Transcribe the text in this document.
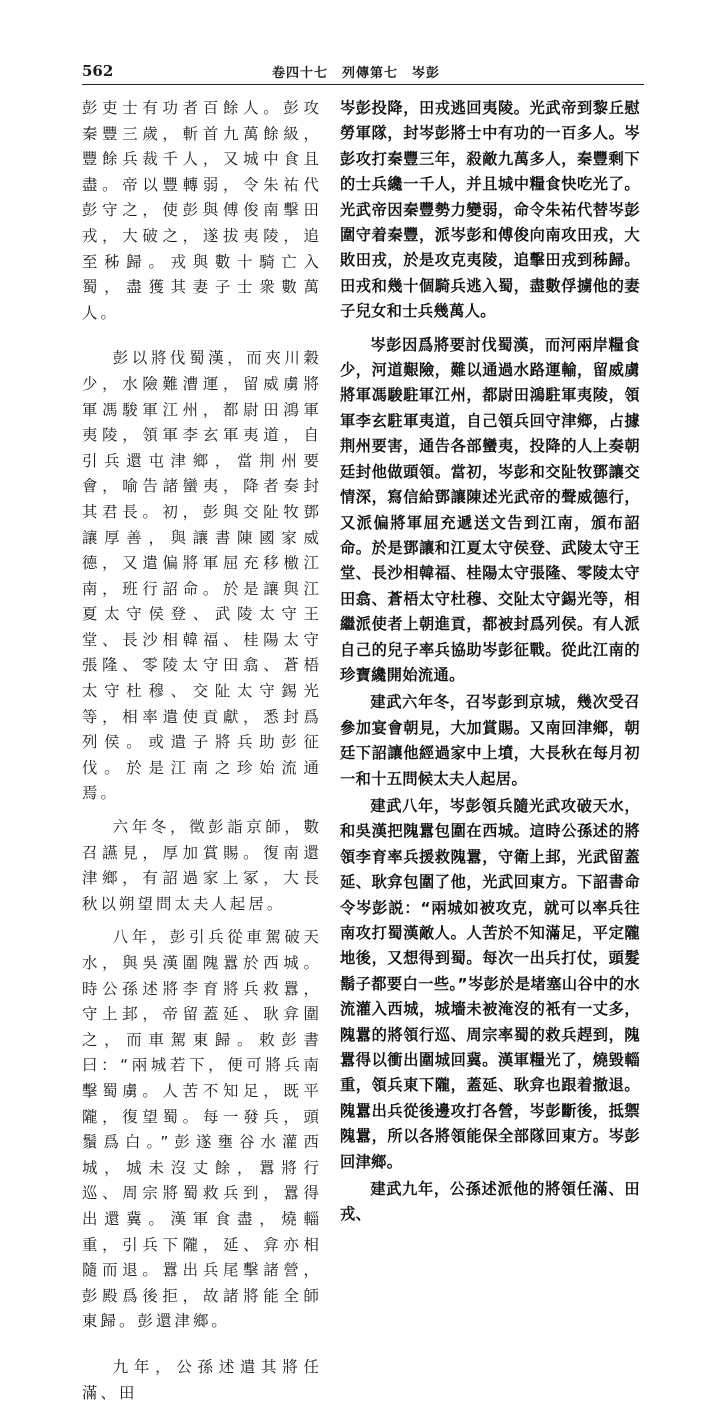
562	卷四十七　列傳第七　岑彭

彭吏士有功者百餘人。彭攻秦豐三歲，斬首九萬餘級，豐餘兵裁千人，又城中食且盡。帝以豐轉弱，令朱祐代彭守之，使彭與傅俊南擊田戎，大破之，遂拔夷陵，追至秭歸。戎與數十騎亡入蜀，盡獲其妻子士衆數萬人。

彭以將伐蜀漢，而夾川穀少，水險難漕運，留威虜將軍馮駿軍江州，都尉田鴻軍夷陵，領軍李玄軍夷道，自引兵還屯津鄉，當荆州要會，喻告諸蠻夷，降者奏封其君長。初，彭與交阯牧鄧讓厚善，與讓書陳國家威德，又遣偏將軍屈充移檄江南，班行詔命。於是讓與江夏太守侯登、武陵太守王堂、長沙相韓福、桂陽太守張隆、零陵太守田翕、蒼梧太守杜穆、交阯太守錫光等，相率遣使貢獻，悉封爲列侯。或遣子將兵助彭征伐。於是江南之珍始流通焉。

六年冬，徵彭詣京師，數召讌見，厚加賞賜。復南還津鄉，有詔過家上冢，大長秋以朔望問太夫人起居。

八年，彭引兵從車駕破天水，與吳漢圍隗囂於西城。時公孫述將李育將兵救囂，守上邽，帝留蓋延、耿弇圍之，而車駕東歸。敕彭書曰：“兩城若下，便可將兵南擊蜀虜。人苦不知足，既平隴，復望蜀。每一發兵，頭鬚爲白。”彭遂壅谷水灌西城，城未沒丈餘，囂將行巡、周宗將蜀救兵到，囂得出還冀。漢軍食盡，燒輜重，引兵下隴，延、弇亦相隨而退。囂出兵尾擊諸營，彭殿爲後拒，故諸將能全師東歸。彭還津鄉。

九年，公孫述遣其將任滿、田

岑彭投降，田戎逃回夷陵。光武帝到黎丘慰勞軍隊，封岑彭將士中有功的一百多人。岑彭攻打秦豐三年，殺敵九萬多人，秦豐剩下的士兵纔一千人，并且城中糧食快吃光了。光武帝因秦豐勢力變弱，命令朱祐代替岑彭圍守着秦豐，派岑彭和傅俊向南攻田戎，大敗田戎，於是攻克夷陵，追擊田戎到秭歸。田戎和幾十個騎兵逃入蜀，盡數俘擄他的妻子兒女和士兵幾萬人。

岑彭因爲將要討伐蜀漢，而河兩岸糧食少，河道艱險，難以通過水路運輸，留威虜將軍馮駿駐軍江州，都尉田鴻駐軍夷陵，領軍李玄駐軍夷道，自己領兵回守津鄉，占據荆州要害，通告各部蠻夷，投降的人上奏朝廷封他做頭領。當初，岑彭和交阯牧鄧讓交情深，寫信給鄧讓陳述光武帝的聲威德行，又派偏將軍屈充遞送文告到江南，頒布詔命。於是鄧讓和江夏太守侯登、武陵太守王堂、長沙相韓福、桂陽太守張隆、零陵太守田翕、蒼梧太守杜穆、交阯太守錫光等，相繼派使者上朝進貢，都被封爲列侯。有人派自己的兒子率兵協助岑彭征戰。從此江南的珍寶纔開始流通。

建武六年冬，召岑彭到京城，幾次受召參加宴會朝見，大加賞賜。又南回津鄉，朝廷下詔讓他經過家中上墳，大長秋在每月初一和十五問候太夫人起居。

建武八年，岑彭領兵隨光武攻破天水，和吳漢把隗囂包圍在西城。這時公孫述的將領李育率兵援救隗囂，守衛上邽，光武留蓋延、耿弇包圍了他，光武回東方。下詔書命令岑彭説：“兩城如被攻克，就可以率兵往南攻打蜀漢敵人。人苦於不知滿足，平定隴地後，又想得到蜀。每次一出兵打仗，頭髮鬍子都要白一些。”岑彭於是堵塞山谷中的水流灌入西城，城墻未被淹沒的衹有一丈多，隗囂的將領行巡、周宗率蜀的救兵趕到，隗囂得以衝出圍城回冀。漢軍糧光了，燒毀輜重，領兵東下隴，蓋延、耿弇也跟着撤退。隗囂出兵從後邊攻打各營，岑彭斷後，抵禦隗囂，所以各將領能保全部隊回東方。岑彭回津鄉。

建武九年，公孫述派他的將領任滿、田戎、
